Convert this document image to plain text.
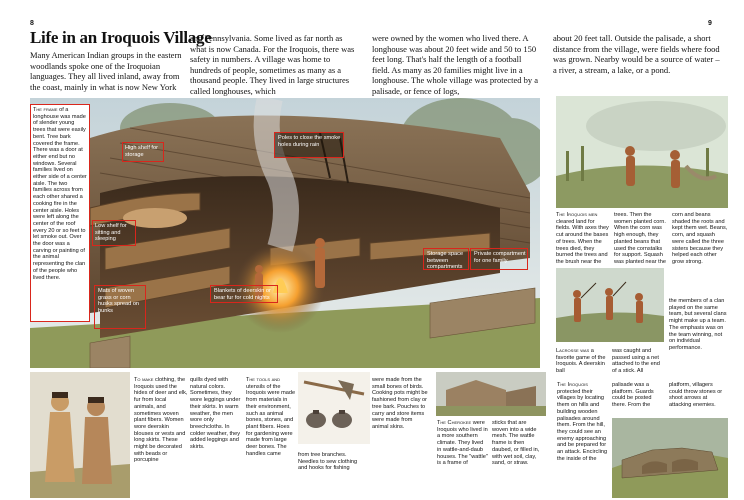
8	9
Life in an Iroquois Village
Many American Indian groups in the eastern woodlands spoke one of the Iroquoian languages. They all lived inland, away from the coast, mainly in what is now New York
and Pennsylvania. Some lived as far north as what is now Canada. For the Iroquois, there was safety in numbers. A village was home to hundreds of people, sometimes as many as a thousand people. They lived in large structures called longhouses, which
were owned by the women who lived there. A longhouse was about 20 feet wide and 50 to 150 feet long. That's half the length of a football field. As many as 20 families might live in a longhouse. The whole village was protected by a palisade, or fence of logs,
about 20 feet tall. Outside the palisade, a short distance from the village, were fields where food was grown. Nearby would be a source of water – a river, a stream, a lake, or a pond.
High shelf for storage
Poles to close the smoke holes during rain
Low shelf for sitting and sleeping
Mats of woven grass or corn husks spread on bunks
Blankets of deerskin or bear fur for cold nights
Storage space between compartments
Private compartment for one family
The frame of a longhouse was made of slender young trees that were easily bent. Tree bark covered the frame. There was a door at either end but no windows. Several families lived on either side of a center aisle. The two families across from each other shared a cooking fire in the center aisle. Holes were left along the center of the roof every 20 or so feet to let smoke out. Over the door was a carving or painting of the animal representing the clan of the people who lived there.
The Iroquois men cleared land for fields. With axes they cut around the bases of trees. When the trees died, they burned the trees and the brush near the
trees. Then the women planted corn. When the corn was high enough, they planted beans that used the cornstalks for support. Squash was planted near the
corn and beans shaded the roots and kept them wet. Beans, corn, and squash were called the three sisters because they helped each other grow strong.
Lacrosse was a favorite game of the Iroquois. A deerskin ball
was caught and passed using a net attached to the end of a stick. All
the members of a clan played on the same team, but several clans might make up a team. The emphasis was on the team winning, not on individual performance.
To make clothing, the Iroquois used the hides of deer and elk, fur from local animals, and sometimes woven plant fibers. Women wore deerskin blouses or vests and long skirts. These might be decorated with beads or porcupine
quills dyed with natural colors. Sometimes, they wore leggings under their skirts. In warm weather, the men wore only breechcloths. In colder weather, they added leggings and skirts.
The tools and utensils of the Iroquois were made from materials in their environment, such as animal bones, stones, and plant fibers. Hoes for gardening were made from large deer bones. The handles came	from tree branches. Needles to sew clothing and hooks for fishing
were made from the small bones of birds. Cooking pots might be fashioned from clay or tree bark. Pouches to carry and store items were made from animal skins.
The Cherokee were Iroquois who lived in a more southern climate. They lived in wattle-and-daub houses. The "wattle" is a frame of
sticks that are woven into a wide mesh. The wattle frame is then daubed, or filled in, with wet soil, clay, sand, or straw.
The Iroquois protected their villages by locating them on hills and building wooden palisades around them. From the hill, they could see an enemy approaching and be prepared for an attack. Encircling the inside of the
palisade was a platform. Guards could be posted there. From the
platform, villagers could throw stones or shoot arrows at attacking enemies.
